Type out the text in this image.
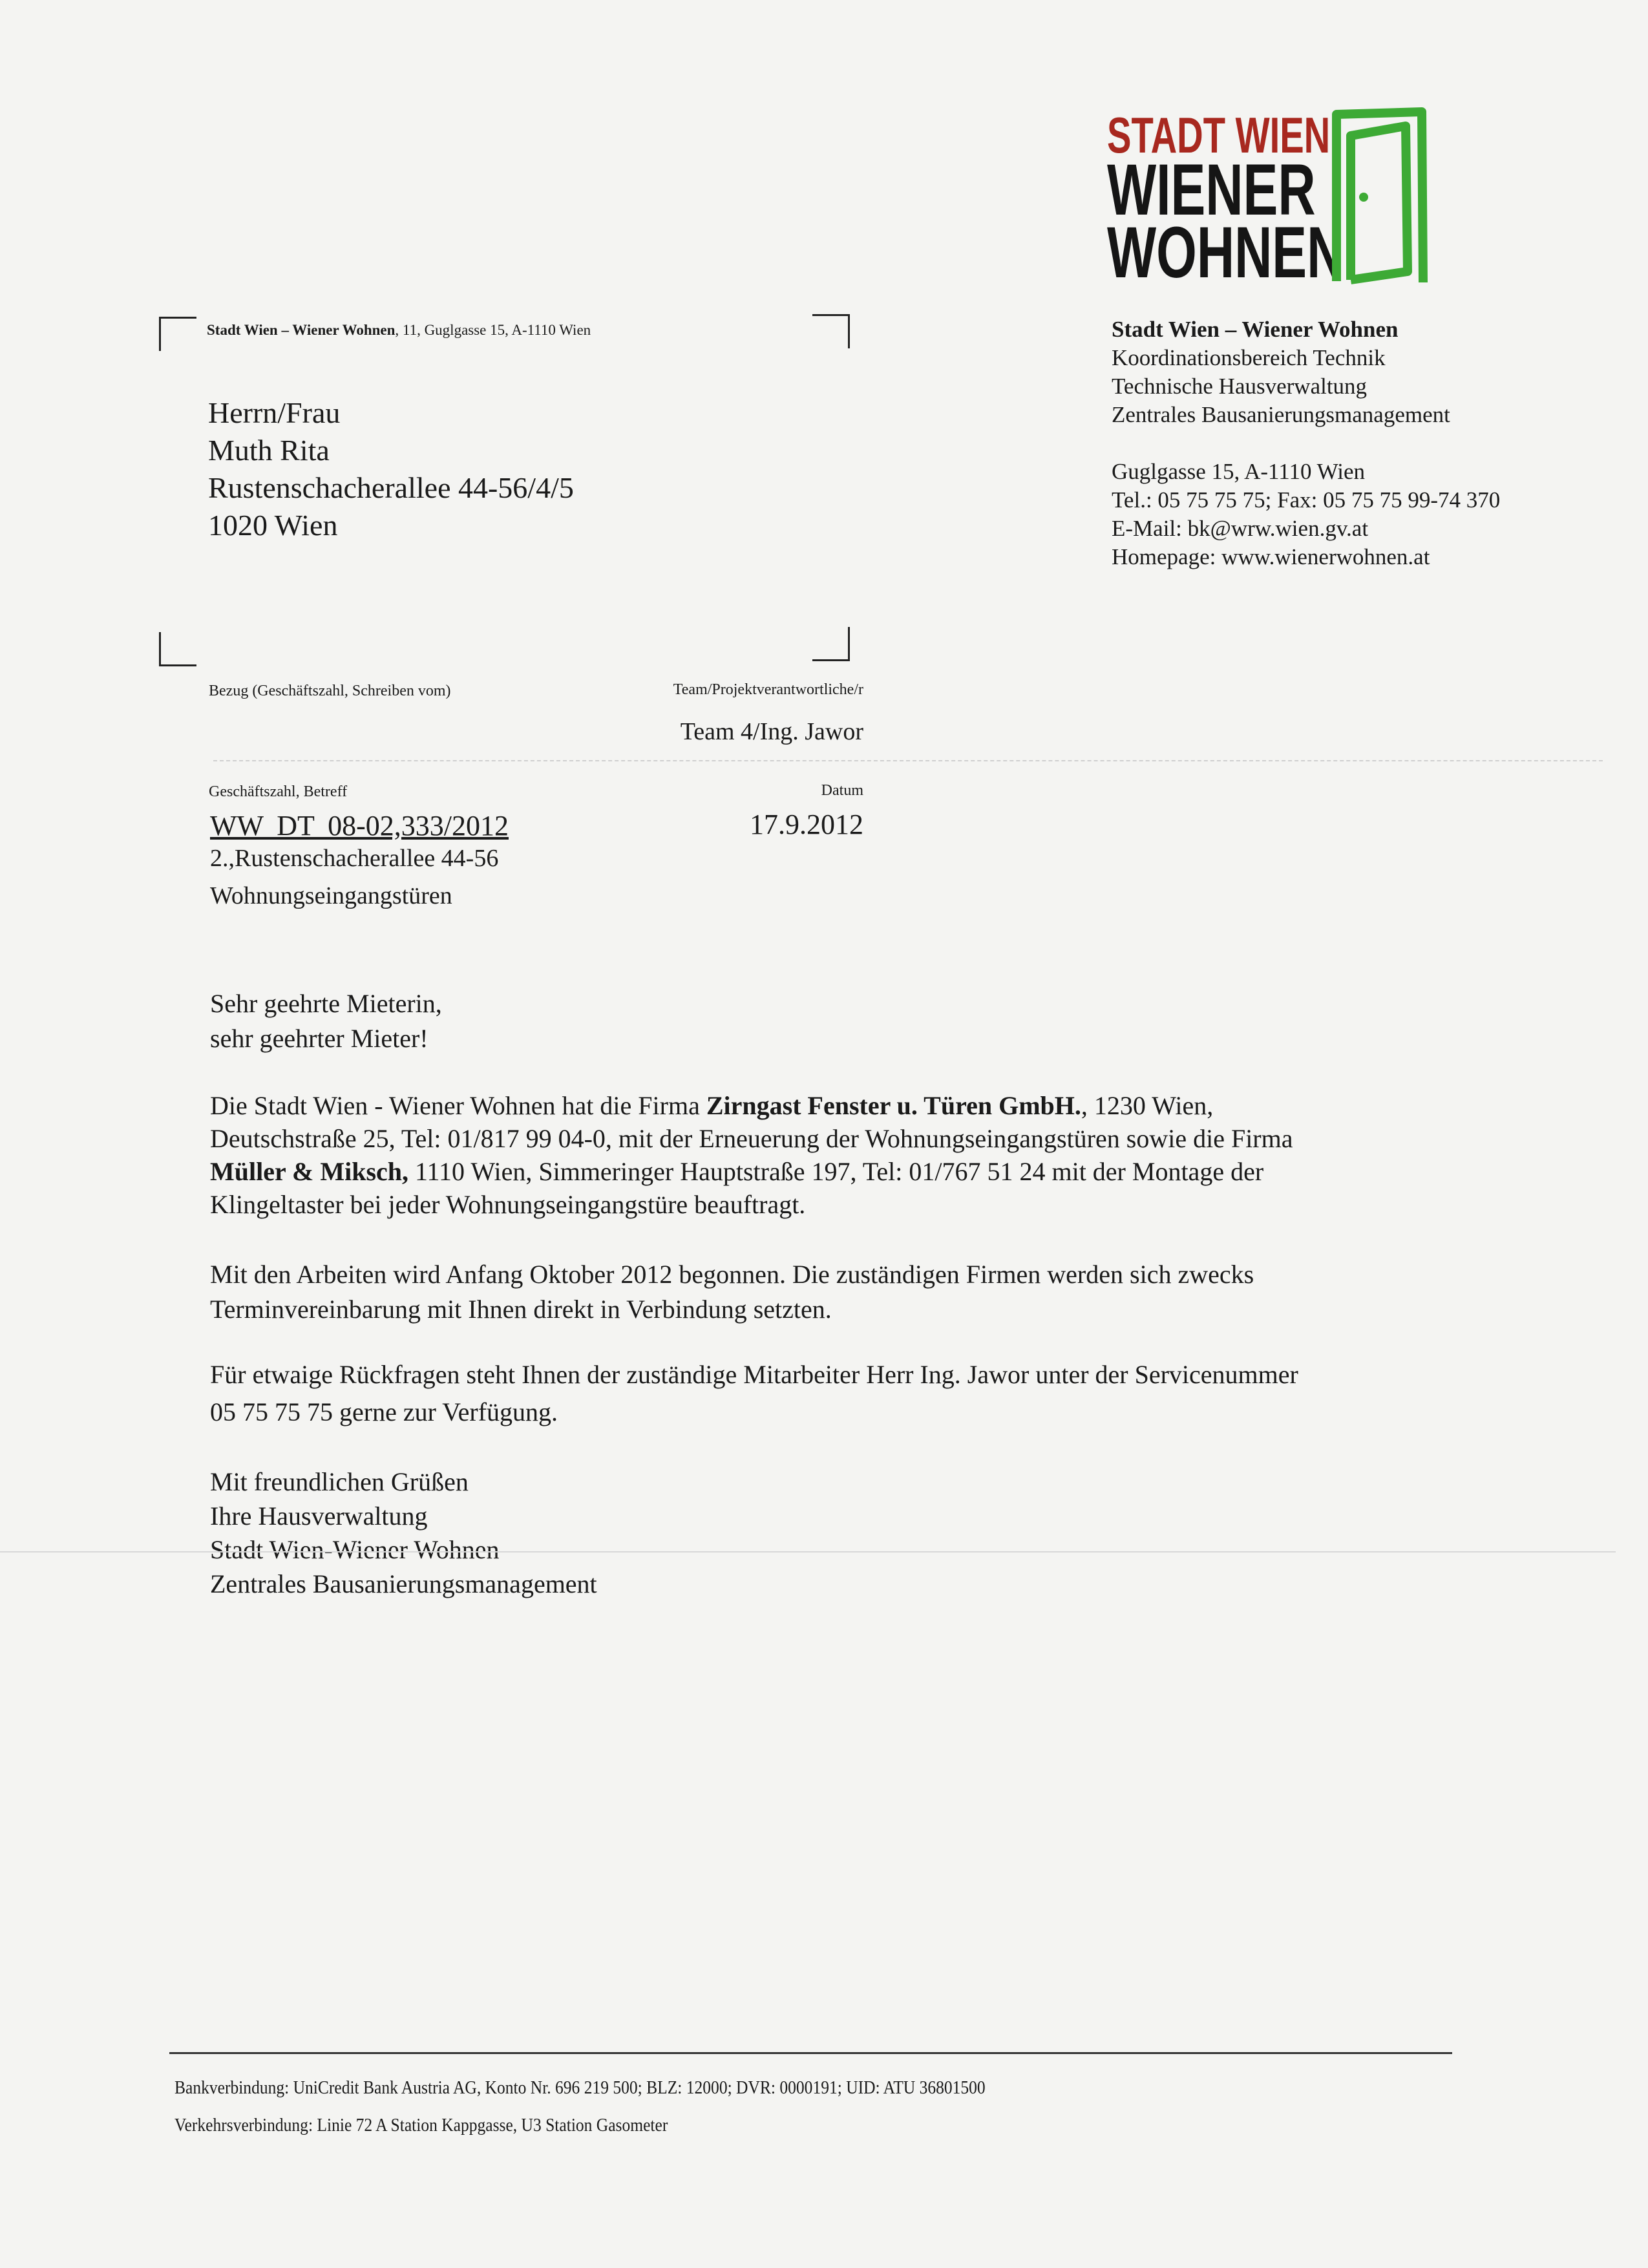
STADT WIEN
WIENER
WOHNEN
Stadt Wien – Wiener Wohnen
Koordinationsbereich Technik
Technische Hausverwaltung
Zentrales Bausanierungsmanagement
Guglgasse 15, A-1110 Wien
Tel.: 05 75 75 75; Fax: 05 75 75 99-74 370
E-Mail: bk@wrw.wien.gv.at
Homepage: www.wienerwohnen.at
Stadt Wien – Wiener Wohnen, 11, Guglgasse 15, A-1110 Wien
Herrn/Frau
Muth Rita
Rustenschacherallee 44-56/4/5
1020 Wien
Bezug (Geschäftszahl, Schreiben vom)	Team/Projektverantwortliche/r
Team 4/Ing. Jawor
Geschäftszahl, Betreff	Datum
WW DT 08-02,333/2012	17.9.2012
2.,Rustenschacherallee 44-56
Wohnungseingangstüren
Sehr geehrte Mieterin,
sehr geehrter Mieter!
Die Stadt Wien - Wiener Wohnen hat die Firma Zirngast Fenster u. Türen GmbH., 1230 Wien,
Deutschstraße 25, Tel: 01/817 99 04-0, mit der Erneuerung der Wohnungseingangstüren sowie die Firma
Müller & Miksch, 1110 Wien, Simmeringer Hauptstraße 197, Tel: 01/767 51 24 mit der Montage der
Klingeltaster bei jeder Wohnungseingangstüre beauftragt.
Mit den Arbeiten wird Anfang Oktober 2012 begonnen. Die zuständigen Firmen werden sich zwecks
Terminvereinbarung mit Ihnen direkt in Verbindung setzten.
Für etwaige Rückfragen steht Ihnen der zuständige Mitarbeiter Herr Ing. Jawor unter der Servicenummer
05 75 75 75 gerne zur Verfügung.
Mit freundlichen Grüßen
Ihre Hausverwaltung
Stadt Wien-Wiener Wohnen
Zentrales Bausanierungsmanagement
Bankverbindung: UniCredit Bank Austria AG, Konto Nr. 696 219 500; BLZ: 12000; DVR: 0000191; UID: ATU 36801500
Verkehrsverbindung: Linie 72 A Station Kappgasse, U3 Station Gasometer
